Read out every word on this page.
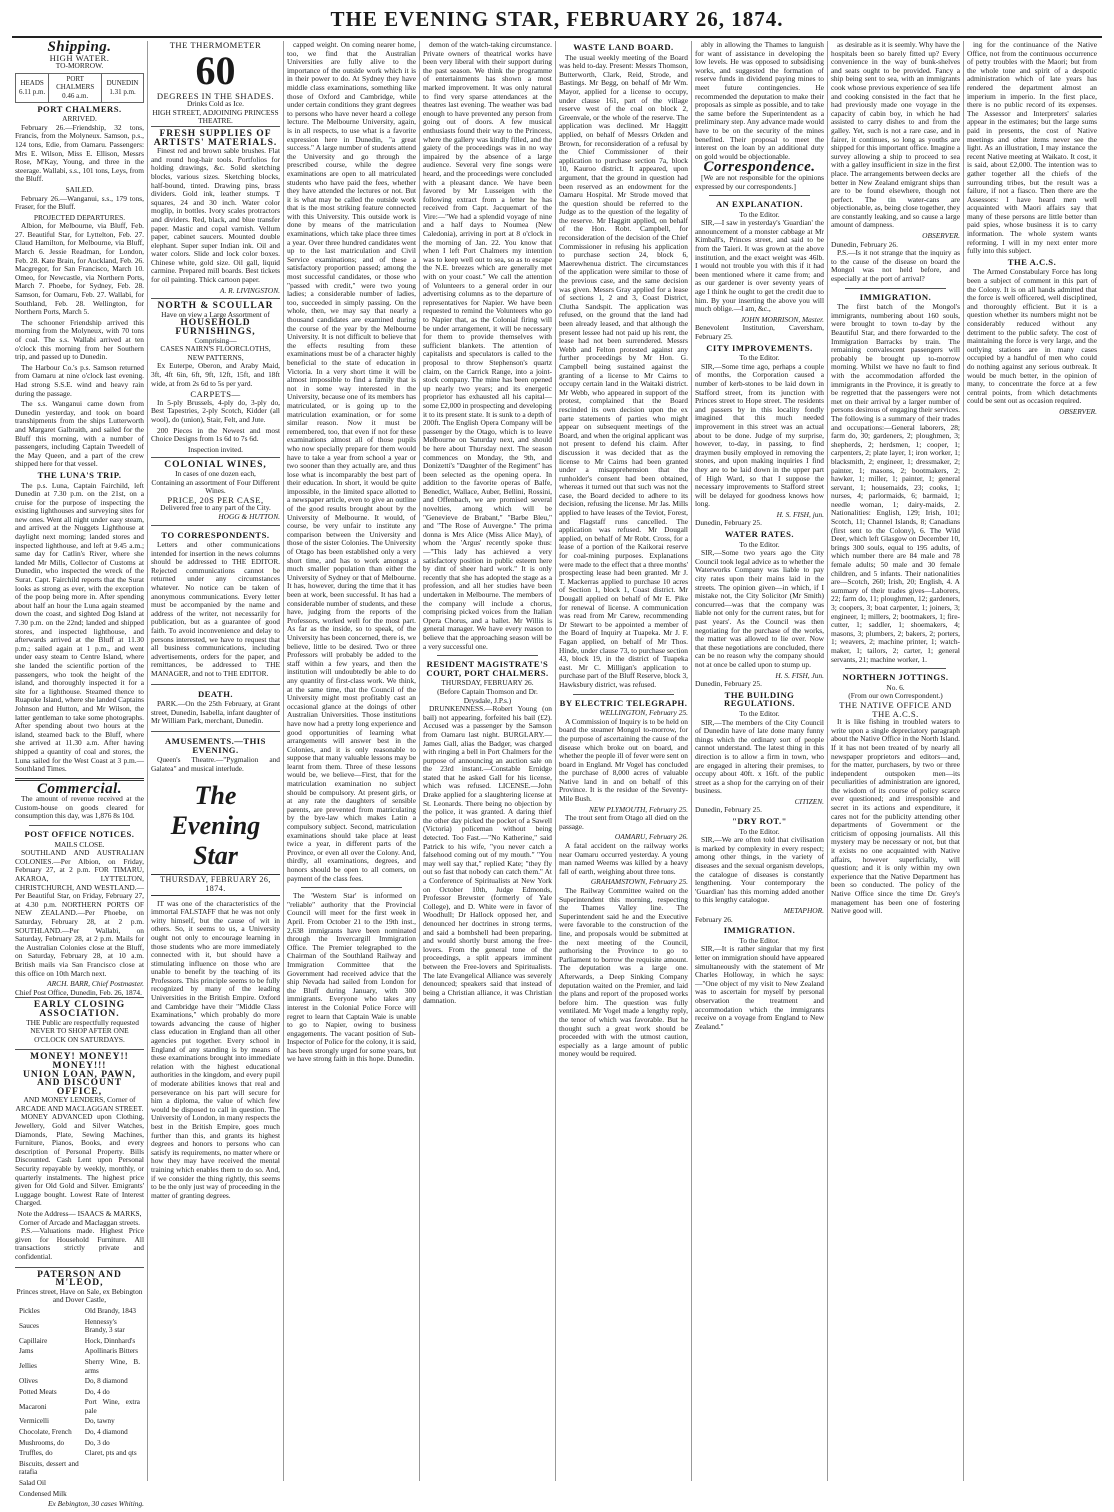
THE EVENING STAR, FEBRUARY 26, 1874.
Shipping.
HIGH WATER.
TO-MORROW.
HEADS 6.11 p.m.	PORT CHALMERS 0.46 a.m.	DUNEDIN 1.31 p.m.
PORT CHALMERS.
ARRIVED.

February 26.—Friendship, 32 tons, Francis, from the Molyneux. Samson, p.s., 124 tons, Edie, from Oamaru. Passengers: Mrs E. Wilson, Miss E. Ellison, Messrs Rose, M'Kay, Young, and three in the steerage. Wallabi, s.s., 101 tons, Leys, from the Bluff.

SAILED.

February 26.—Wanganui, s.s., 179 tons, Fraser, for the Bluff.

PROJECTED DEPARTURES.

Albion, for Melbourne, via Bluff, Feb. 27. Beautiful Star, for Lyttelton, Feb. 27. Claud Hamilton, for Melbourne, via Bluff, March 6. Jessie Readman, for London, Feb. 28. Kate Brain, for Auckland, Feb. 26. Macgregor, for San Francisco, March 10. Omeo, for Newcastle, via Northern Ports, March 7. Phoebe, for Sydney, Feb. 28. Samson, for Oamaru, Feb. 27. Wallabi, for Southland, Feb. 28. Wellington, for Northern Ports, March 5.

The schooner Friendship arrived this morning from the Molyneux, with 70 tons of coal. The s.s. Wallabi arrived at ten o'clock this morning from her Southern trip, and passed up to Dunedin.

The Harbour Co.'s p.s. Samson returned from Oamaru at nine o'clock last evening. Had strong S.S.E. wind and heavy rain during the passage.

The s.s. Wanganui came down from Dunedin yesterday, and took on board transhipments from the ships Lutterworth and Margaret Galbraith, and sailed for the Bluff this morning, with a number of passengers, including Captain Tweedell of the May Queen, and a part of the crew shipped here for that vessel.

THE LUNA'S TRIP.

The p.s. Luna, Captain Fairchild, left Dunedin at 7.30 p.m. on the 21st, on a cruise for the purpose of inspecting the existing lighthouses and surveying sites for new ones. Went all night under easy steam, and arrived at the Nuggets Lighthouse at daylight next morning; landed stores and inspected lighthouse, and left at 9.45 a.m.; same day for Catlin's River, where she landed Mr Mills, Collector of Customs at Dunedin, who inspected the wreck of the Surat. Capt. Fairchild reports that the Surat looks as strong as ever, with the exception of the poop being more in. After spending about half an hour the Luna again steamed down the coast, and sighted Dog Island at 7.30 p.m. on the 22nd; landed and shipped stores, and inspected lighthouse, and afterwards arrived at the Bluff at 11.30 p.m.; sailed again at 1 p.m., and went under easy steam to Centre Island, where she landed the scientific portion of the passengers, who took the height of the island, and thoroughly inspected it for a site for a lighthouse. Steamed thence to Ruapuke Island, where she landed Captains Johnson and Hutton, and Mr Wilson, the latter gentleman to take some photographs. After spending about two hours at the island, steamed back to the Bluff, where she arrived at 11.30 a.m. After having shipped a quantity of coal and stores, the Luna sailed for the West Coast at 3 p.m.—Southland Times.

Commercial.

The amount of revenue received at the Custom-house on goods cleared for consumption this day, was 1,876 8s 10d.

POST OFFICE NOTICES.
MAILS CLOSE.

SOUTHLAND AND AUSTRALIAN COLONIES.—Per Albion, on Friday, February 27, at 2 p.m. FOR TIMARU, AKAROA, LYTTELTON, CHRISTCHURCH, AND WESTLAND.—Per Beautiful Star, on Friday, February 27, at 4.30 p.m. NORTHERN PORTS OF NEW ZEALAND.—Per Phoebe, on Saturday, February 28, at 2 p.m. SOUTHLAND.—Per Wallabi, on Saturday, February 28, at 2 p.m. Mails for the Australian Colonies close at the Bluff, on Saturday, February 28, at 10 a.m. British mails via San Francisco close at this office on 10th March next.

ARCH. BARR, Chief Postmaster.
Chief Post Office, Dunedin, Feb. 26, 1874.
EARLY CLOSING ASSOCIATION.

THE Public are respectfully requested NEVER TO SHOP AFTER ONE O'CLOCK ON SATURDAYS.

MONEY! MONEY!! MONEY!!!
UNION LOAN, PAWN, AND DISCOUNT OFFICE,
AND MONEY LENDERS, Corner of ARCADE AND MACLAGGAN STREET.

MONEY ADVANCED upon Clothing, Jewellery, Gold and Silver Watches, Diamonds, Plate, Sewing Machines, Furniture, Pianos, Books, and every description of Personal Property. Bills Discounted. Cash Lent upon Personal Security repayable by weekly, monthly, or quarterly instalments. The highest price given for Old Gold and Silver. Emigrants' Luggage bought. Lowest Rate of Interest Charged.

Note the Address— ISAACS & MARKS, Corner of Arcade and Maclaggan streets.

P.S.—Valuations made. Highest Price given for Household Furniture. All transactions strictly private and confidential.

PATERSON AND M'LEOD,
Princes street, Have on Sale, ex Bebington and Dover Castle,
Pickles	Old Brandy, 1843
Sauces	Hennessy's Brandy, 3 star
Capillaire	Hock, Dinnhard's
Jams	Apollinaris Bitters
Jellies	Sherry Wine, B. arms
Olives	Do, 8 diamond
Potted Meats	Do, 4 do
Macaroni	Port Wine, extra pale
Vermicelli	Do, tawny
Chocolate, French	Do, 4 diamond
Mushrooms, do	Do, 3 do
Truffles, do	Claret, pts and qts
Biscuits, dessert and ratafia	
Salad Oil	
Condensed Milk	
Ex Bebington, 30 cases Whiting.
THE THERMOMETER
60
DEGREES IN THE SHADES.
Drinks Cold as Ice.
HIGH STREET, ADJOINING PRINCESS THEATRE.
FRESH SUPPLIES OF ARTISTS' MATERIALS.

Finest red and brown sable brushes. Flat and round hog-hair tools. Portfolios for holding drawings, &c. Solid sketching blocks, various sizes. Sketching blocks, half-bound, tinted. Drawing pins, brass dividers. Gold ink, leather stumps. T squares, 24 and 30 inch. Water color moglip, in bottles. Ivory scales protractors and dividers. Red, black, and blue transfer paper. Mastic and copal varnish. Vellum paper, cabinet saucers. Mounted double elephant. Super super Indian ink. Oil and water colors. Slide and lock color boxes. Chinese white, gold size. Oil gall, liquid carmine. Prepared mill boards. Best tickets for oil painting. Thick cartoon paper.

A. R. LIVINGSTON.
NORTH & SCOULLAR
Have on view a Large Assortment of
HOUSEHOLD FURNISHINGS,
Comprising—
CASES NAIRN'S FLOORCLOTHS, NEW PATTERNS,

Ex Euterpe, Oberon, and Araby Maid, 3ft, 4ft 6in, 6ft, 9ft, 12ft, 15ft, and 18ft wide, at from 2s 6d to 5s per yard.

CARPETS—

In 5-ply Brussels, 4-ply do, 3-ply do, Best Tapestries, 2-ply Scotch, Kidder (all wool), do (union), Stair, Felt, and Jute.

200 Pieces in the Newest and most Choice Designs from 1s 6d to 7s 6d.

Inspection invited.
COLONIAL WINES,
In cases of one dozen each,
Containing an assortment of Four Different Wines.
PRICE, 20S PER CASE,
Delivered free to any part of the City.
HOGG & HUTTON.
TO CORRESPONDENTS.

Letters and other communications intended for insertion in the news columns should be addressed to THE EDITOR. Rejected communications cannot be returned under any circumstances whatever. No notice can be taken of anonymous communications. Every letter must be accompanied by the name and address of the writer, not necessarily for publication, but as a guarantee of good faith. To avoid inconvenience and delay to persons interested, we have to request that all business communications, including advertisements, orders for the paper, and remittances, be addressed to THE MANAGER, and not to THE EDITOR.

DEATH.

PARK.—On the 25th February, at Grant street, Dunedin, Isabella, infant daughter of Mr William Park, merchant, Dunedin.

AMUSEMENTS.—THIS EVENING.

Queen's Theatre.—"Pygmalion and Galatea" and musical interlude.

The Evening Star
THURSDAY, FEBRUARY 26, 1874.

IT was one of the characteristics of the immortal FALSTAFF that he was not only witty himself, but the cause of wit in others. So, it seems to us, a University ought not only to encourage learning in those students who are more immediately connected with it, but should have a stimulating influence on those who are unable to benefit by the teaching of its Professors. This principle seems to be fully recognized by many of the leading Universities in the British Empire. Oxford and Cambridge have their "Middle Class Examinations," which probably do more towards advancing the cause of higher class education in England than all other agencies put together. Every school in England of any standing is by means of these examinations brought into immediate relation with the highest educational authorities in the kingdom, and every pupil of moderate abilities knows that real and perseverance on his part will secure for him a diploma, the value of which few would be disposed to call in question. The University of London, in many respects the best in the British Empire, goes much further than this, and grants its highest degrees and honors to persons who can satisfy its requirements, no matter where or how they may have received the mental training which enables them to do so. And, if we consider the thing rightly, this seems to be the only just way of proceeding in the matter of granting degrees.

capped weight. On coming nearer home, too, we find that the Australian Universities are fully alive to the importance of the outside work which it is in their power to do. At Sydney they have middle class examinations, something like those of Oxford and Cambridge, while under certain conditions they grant degrees to persons who have never heard a college lecture. The Melbourne University, again, is in all respects, to use what is a favorite expression here in Dunedin, "a great success." A large number of students attend the University and go through the prescribed course, while the degree examinations are open to all matriculated students who have paid the fees, whether they have attended the lectures or not. But it is what may be called the outside work that is the most striking feature connected with this University. This outside work is done by means of the matriculation examinations, which take place three times a year. Over three hundred candidates went up to the last matriculation and Civil Service examinations; and of these a satisfactory proportion passed; among the most successful candidates, or those who "passed with credit," were two young ladies; a considerable number of ladies, too, succeeded in simply passing. On the whole, then, we may say that nearly a thousand candidates are examined during the course of the year by the Melbourne University. It is not difficult to believe that the effects resulting from these examinations must be of a character highly beneficial to the state of education in Victoria. In a very short time it will be almost impossible to find a family that is not in some way interested in the University, because one of its members has matriculated, or is going up to the matriculation examination, or for some similar reason. Now it must be remembered, too, that even if not for these examinations almost all of those pupils who now specially prepare for them would have to take a year from school a year or two sooner than they actually are, and thus lose what is incomparably the best part of their education. In short, it would be quite impossible, in the limited space allotted to a newspaper article, even to give an outline of the good results brought about by the University of Melbourne. It would, of course, be very unfair to institute any comparison between the University and those of the sister Colonies. The University of Otago has been established only a very short time, and has to work amongst a much smaller population than either the University of Sydney or that of Melbourne. It has, however, during the time that it has been at work, been successful. It has had a considerable number of students, and these have, judging from the reports of the Professors, worked well for the most part. As far as the inside, so to speak, of the University has been concerned, there is, we believe, little to be desired. Two or three Professors will probably be added to the staff within a few years, and then the institution will undoubtedly be able to do any quantity of first-class work. We think, at the same time, that the Council of the University might most profitably cast an occasional glance at the doings of other Australian Universities. Those institutions have now had a pretty long experience and good opportunities of learning what arrangements will answer best in the Colonies, and it is only reasonable to suppose that many valuable lessons may be learnt from them. Three of these lessons would be, we believe—First, that for the matriculation examination no subject should be compulsory. At present girls, or at any rate the daughters of sensible parents, are prevented from matriculating by the bye-law which makes Latin a compulsory subject. Second, matriculation examinations should take place at least twice a year, in different parts of the Province, or even all over the Colony. And, thirdly, all examinations, degrees, and honors should be open to all comers, on payment of the class fees.

The 'Western Star' is informed on "reliable" authority that the Provincial Council will meet for the first week in April. From October 21 to the 19th inst., 2,638 immigrants have been nominated through the Invercargill Immigration Office. The Premier telegraphed to the Chairman of the Southland Railway and Immigration Committee that the Government had received advice that the ship Nevada had sailed from London for the Bluff during January, with 300 immigrants. Everyone who takes any interest in the Colonial Police Force will regret to learn that Captain Waie is unable to go to Napier, owing to business engagements. The vacant position of Sub-Inspector of Police for the colony, it is said, has been strongly urged for some years, but we have strong faith in this hope. Dunedin.

demon of the watch-taking circumstance. Private owners of theatrical works have been very liberal with their support during the past season. We think the programme of entertainments has shown a most marked improvement. It was only natural to find very sparse attendances at the theatres last evening. The weather was bad enough to have prevented any person from going out of doors. A few musical enthusiasts found their way to the Princess, where the gallery was kindly filled, and the gaiety of the proceedings was in no way impaired by the absence of a large audience. Several very fine songs were heard, and the proceedings were concluded with a pleasant dance. We have been favored by Mr Lusseigen with the following extract from a letter he has received from Capt. Jacquemart of the Vire:—"We had a splendid voyage of nine and a half days to Noumea (New Caledonia), arriving in port at 8 o'clock in the morning of Jan. 22. You know that when I left Port Chalmers my intention was to keep well out to sea, so as to escape the N.E. breezes which are generally met with on your coast." We call the attention of Volunteers to a general order in our advertising columns as to the departure of representatives for Napier. We have been requested to remind the Volunteers who go to Napier that, as the Colonial firing will be under arrangement, it will be necessary for them to provide themselves with sufficient blankets. The attention of capitalists and speculators is called to the proposal to throw Stephenson's quartz claim, on the Carrick Range, into a joint-stock company. The mine has been opened up nearly two years; and its energetic proprietor has exhausted all his capital—some £2,000 in prospecting and developing it to its present state. It is sunk to a depth of 200ft. The English Opera Company will be passenger by the Otago, which is to leave Melbourne on Saturday next, and should be here about Thursday next. The season commences on Monday, the 9th, and Donizetti's "Daughter of the Regiment" has been selected as the opening opera. In addition to the favorite operas of Balfe, Benedict, Wallace, Auber, Bellini, Rossini, and Offenbach, we are promised several novelties, among which will be "Genevieve de Brabant," "Barbe Bleu," and "The Rose of Auvergne." The prima donna is Mrs Alice (Miss Alice May), of whom the 'Argus' recently spoke thus:—"This lady has achieved a very satisfactory position in public esteem here by dint of sheer hard work." It is only recently that she has adopted the stage as a profession, and all her studies have been undertaken in Melbourne. The members of the company will include a chorus, comprising picked voices from the Italian Opera Chorus, and a ballet. Mr Willis is general manager. We have every reason to believe that the approaching season will be a very successful one.

RESIDENT MAGISTRATE'S COURT, PORT CHALMERS.
THURSDAY, FEBRUARY 26.
(Before Captain Thomson and Dr. Drysdale, J.P.s.)

DRUNKENNESS.—Robert Young (on bail) not appearing, forfeited his bail (£2). Accused was a passenger by the Samson from Oamaru last night. BURGLARY.—James Gall, alias the Badger, was charged with ringing a bell in Port Chalmers for the purpose of announcing an auction sale on the 23rd instant.—Constable Ernidge stated that he asked Gall for his license, which was refused. LICENSE.—John Drake applied for a slaughtering license at St. Leonards. There being no objection by the police, it was granted. A daring thief the other day picked the pocket of a Sawell (Victoria) policeman without being detected. Too Fast.—"No Katherine," said Patrick to his wife, "you never catch a falsehood coming out of my mouth." "You may well say that," replied Kate; "they fly out so fast that nobody can catch them." At a Conference of Spiritualists at New York on October 10th, Judge Edmonds, Professor Brewster (formerly of Yale College), and D. White were in favor of Woodhull; Dr Hallock opposed her, and denounced her doctrines in strong terms, and said a bombshell had been preparing, and would shortly burst among the free-lovers. From the general tone of the proceedings, a split appears imminent between the Free-lovers and Spiritualists. The late Evangelical Alliance was severely denounced; speakers said that instead of being a Christian alliance, it was Christian damnation.

WASTE LAND BOARD.

The usual weekly meeting of the Board was held to-day. Present: Messrs Thomson, Butterworth, Clark, Reid, Strode, and Bastings. Mr Begg, on behalf of Mr Wm. Mayor, applied for a license to occupy, under clause 161, part of the village reserve west of the coal on block 2, Greenvale, or the whole of the reserve. The application was declined. Mr Haggitt applied, on behalf of Messrs Orkden and Brown, for reconsideration of a refusal by the Chief Commissioner of their application to purchase section 7a, block 10, Kauroo district. It appeared, upon argument, that the ground in question had been reserved as an endowment for the Oamaru Hospital. Mr Strode moved that the question should be referred to the Judge as to the question of the legality of the reserve. Mr Haggitt applied, on behalf of the Hon. Robt. Campbell, for reconsideration of the decision of the Chief Commissioner in refusing his application to purchase section 24, block 6, Maerewhenua district. The circumstances of the application were similar to those of the previous case, and the same decision was given. Messrs Gray applied for a lease of sections 1, 2 and 3, Coast District, Clutha Sandspit. The application was refused, on the ground that the land had been already leased, and that although the present lessee had not paid up his rent, the lease had not been surrendered. Messrs Webb and Felton protested against any further proceedings by Mr Hon. G. Campbell being sustained against the granting of a license to Mr Cairns to occupy certain land in the Waitaki district. Mr Webb, who appeared in support of the protest, complained that the Board rescinded its own decision upon the ex parte statements of parties who might appear on subsequent meetings of the Board, and when the original applicant was not present to defend his claim. After discussion it was decided that as the license to Mr Cairns had been granted under a misapprehension that the runholder's consent had been obtained, whereas it turned out that such was not the case, the Board decided to adhere to its decision, refusing the license. Mr Jas. Mills applied to have leases of the Teviot, Forest, and Flagstaff runs cancelled. The application was refused. Mr Dougall applied, on behalf of Mr Robt. Cross, for a lease of a portion of the Kaikorai reserve for coal-mining purposes. Explanations were made to the effect that a three months' prospecting lease had been granted. Mr J. T. Mackerras applied to purchase 10 acres of Section 1, block 1, Coast district. Mr Dougall applied on behalf of Mr E. Pike for renewal of license. A communication was read from Mr Carew, recommending Dr Stewart to be appointed a member of the Board of Inquiry at Tuapeka. Mr J. F. Fagan applied, on behalf of Mr Thos. Hinde, under clause 73, to purchase section 43, block 19, in the district of Tuapeka east. Mr C. Milligan's application to purchase part of the Bluff Reserve, block 3, Hawksbury district, was refused.

BY ELECTRIC TELEGRAPH.
WELLINGTON, February 25.

A Commission of Inquiry is to be held on board the steamer Mongol to-morrow, for the purpose of ascertaining the cause of the disease which broke out on board, and whether the people ill of fever were sent on board in England. Mr Vogel has concluded the purchase of 8,000 acres of valuable Native land in and on behalf of this Province. It is the residue of the Seventy-Mile Bush.

NEW PLYMOUTH, February 25.

The trout sent from Otago all died on the passage.

OAMARU, February 26.

A fatal accident on the railway works near Oamaru occurred yesterday. A young man named Weems was killed by a heavy fall of earth, weighing about three tons.

GRAHAMSTOWN, February 25.

The Railway Committee waited on the Superintendent this morning, respecting the Thames Valley line. The Superintendent said he and the Executive were favorable to the construction of the line, and proposals would be submitted at the next meeting of the Council, authorising the Province to go to Parliament to borrow the requisite amount. The deputation was a large one. Afterwards, a Deep Sinking Company deputation waited on the Premier, and laid the plans and report of the proposed works before him. The question was fully ventilated. Mr Vogel made a lengthy reply, the tenor of which was favorable. But he thought such a great work should be proceeded with with the utmost caution, especially as a large amount of public money would be required.

ably in allowing the Thames to languish for want of assistance in developing the low levels. He was opposed to subsidising works, and suggested the formation of reserve funds in dividend paying mines to meet future contingencies. He recommended the deputation to make their proposals as simple as possible, and to take the same before the Superintendent as a preliminary step. Any advance made would have to be on the security of the mines benefited. Their proposal to meet the interest on the loan by an additional duty on gold would be objectionable.

Correspondence.

[We are not responsible for the opinions expressed by our correspondents.]

AN EXPLANATION.
To the Editor.

SIR,—I saw in yesterday's 'Guardian' the announcement of a monster cabbage at Mr Kimball's, Princes street, and said to be from the Taieri. It was grown at the above institution, and the exact weight was 46lb. I would not trouble you with this if it had been mentioned where it came from; and as our gardener is over seventy years of age I think he ought to get the credit due to him. By your inserting the above you will much oblige.—I am, &c.,

JOHN MORRISON, Master.
Benevolent Institution, Caversham, February 25.
CITY IMPROVEMENTS.
To the Editor.

SIR,—Some time ago, perhaps a couple of months, the Corporation caused a number of kerb-stones to be laid down in Stafford street, from its junction with Princes street to Hope street. The residents and passers by in this locality fondly imagined that this much needed improvement in this street was an actual about to be done. Judge of my surprise, however, to-day, in passing, to find draymen busily employed in removing the stones, and upon making inquiries I find they are to be laid down in the upper part of High Ward, so that I suppose the necessary improvements to Stafford street will be delayed for goodness knows how long.

H. S. FISH, jun.
Dunedin, February 25.
WATER RATES.
To the Editor.

SIR,—Some two years ago the City Council took legal advice as to whether the Waterworks Company was liable to pay city rates upon their mains laid in the streets. The opinion given—in which, if I mistake not, the City Solicitor (Mr Smith) concurred—was that the company was liable not only for the current rates, but for past years'. As the Council was then negotiating for the purchase of the works, the matter was allowed to lie over. Now that these negotiations are concluded, there can be no reason why the company should not at once be called upon to stump up.

H. S. FISH, Jun.
Dunedin, February 25.
THE BUILDING REGULATIONS.
To the Editor.

SIR,—The members of the City Council of Dunedin have of late done many funny things which the ordinary sort of people cannot understand. The latest thing in this direction is to allow a firm in town, who are engaged in altering their premises, to occupy about 40ft. x 16ft. of the public street as a shop for the carrying on of their business.

CITIZEN.
Dunedin, February 25.
"DRY ROT."
To the Editor.

SIR,—We are often told that civilisation is marked by complexity in every respect; among other things, in the variety of diseases and the sexual organism develops, the catalogue of diseases is constantly lengthening. Your contemporary the 'Guardian' has this morning added another to this lengthy catalogue.

METAPHOR.
February 26.
IMMIGRATION.
To the Editor.

SIR,—It is rather singular that my first letter on immigration should have appeared simultaneously with the statement of Mr Charles Holloway, in which he says:—"One object of my visit to New Zealand was to ascertain for myself by personal observation the treatment and accommodation which the immigrants receive on a voyage from England to New Zealand."

as desirable as it is seemly. Why have the hospitals been so barely fitted up? Every convenience in the way of bunk-shelves and seats ought to be provided. Fancy a ship being sent to sea, with an immigrants cook whose previous experience of sea life and cooking consisted in the fact that he had previously made one voyage in the capacity of cabin boy, in which he had assisted to carry dishes to and from the galley. Yet, such is not a rare case, and in fairer, it continues, so long as youths are shipped for this important office. Imagine a survey allowing a ship to proceed to sea with a galley insufficient in size in the first place. The arrangements between decks are better in New Zealand emigrant ships than are to be found elsewhere, though not perfect. The tin water-cans are objectionable, as, being close together, they are constantly leaking, and so cause a large amount of dampness.

OBSERVER.
Dunedin, February 26.

P.S.—Is it not strange that the inquiry as to the cause of the disease on board the Mongol was not held before, and especially at the port of arrival?

IMMIGRATION.

The first batch of the Mongol's immigrants, numbering about 160 souls, were brought to town to-day by the Beautiful Star, and there forwarded to the Immigration Barracks by train. The remaining convalescent passengers will probably be brought up to-morrow morning. Whilst we have no fault to find with the accommodation afforded the immigrants in the Province, it is greatly to be regretted that the passengers were not met on their arrival by a larger number of persons desirous of engaging their services. The following is a summary of their trades and occupations:—General laborers, 28; farm do, 30; gardeners, 2; ploughmen, 3; shepherds, 2; herdsmen, 1; cooper, 1; carpenters, 2; plate layer, 1; iron worker, 1; blacksmith, 2; engineer, 1; dressmaker, 2; painter, 1; masons, 2; bootmakers, 2; hawker, 1; miller, 1; painter, 1; general servant, 1; housemaids, 23; cooks, 1; nurses, 4; parlormaids, 6; barmaid, 1; needle woman, 1; dairy-maids, 2. Nationalities: English, 129; Irish, 101; Scotch, 11; Channel Islands, 8; Canadians (first sent to the Colony), 6. The Wild Deer, which left Glasgow on December 10, brings 300 souls, equal to 195 adults, of which number there are 84 male and 78 female adults; 50 male and 30 female children, and 5 infants. Their nationalities are—Scotch, 260; Irish, 20; English, 4. A summary of their trades gives—Laborers, 22; farm do, 11; ploughmen, 12; gardeners, 3; coopers, 3; boat carpenter, 1; joiners, 3; engineer, 1; millers, 2; bootmakers, 1; fire-cutter, 1; saddler, 1; shoemakers, 4; masons, 3; plumbers, 2; bakers, 2; porters, 1; weavers, 2; machine printer, 1; watch-maker, 1; tailors, 2; carter, 1; general servants, 21; machine worker, 1.

NORTHERN JOTTINGS.
No. 6.
(From our own Correspondent.)
THE NATIVE OFFICE AND THE A.C.S.

It is like fishing in troubled waters to write upon a single depreciatory paragraph about the Native Office in the North Island. If it has not been treated of by nearly all newspaper proprietors and editors—and, for the matter, purchasers, by two or three independent outspoken men—its peculiarities of administration are ignored, the wisdom of its course of policy scarce ever questioned; and irresponsible and secret in its actions and expenditure, it cares not for the publicity attending other departments of Government or the criticism of opposing journalists. All this mystery may be necessary or not, but that it exists no one acquainted with Native affairs, however superficially, will question; and it is only within my own experience that the Native Department has been so conducted. The policy of the Native Office since the time Dr. Grey's management has been one of fostering Native good will.

ing for the continuance of the Native Office, not from the continuous occurrence of petty troubles with the Maori; but from the whole tone and spirit of a despotic administration which of late years has rendered the department almost an imperium in imperio. In the first place, there is no public record of its expenses. The Assessor and Interpreters' salaries appear in the estimates; but the large sums paid in presents, the cost of Native meetings and other items never see the light. As an illustration, I may instance the recent Native meeting at Waikato. It cost, it is said, about £2,000. The intention was to gather together all the chiefs of the surrounding tribes, but the result was a failure, if not a fiasco. Then there are the Assessors: I have heard men well acquainted with Maori affairs say that many of these persons are little better than paid spies, whose business it is to carry information. The whole system wants reforming. I will in my next enter more fully into this subject.

THE A.C.S.

The Armed Constabulary Force has long been a subject of comment in this part of the Colony. It is on all hands admitted that the force is well officered, well disciplined, and thoroughly efficient. But it is a question whether its numbers might not be considerably reduced without any detriment to the public safety. The cost of maintaining the force is very large, and the outlying stations are in many cases occupied by a handful of men who could do nothing against any serious outbreak. It would be much better, in the opinion of many, to concentrate the force at a few central points, from which detachments could be sent out as occasion required.

OBSERVER.
